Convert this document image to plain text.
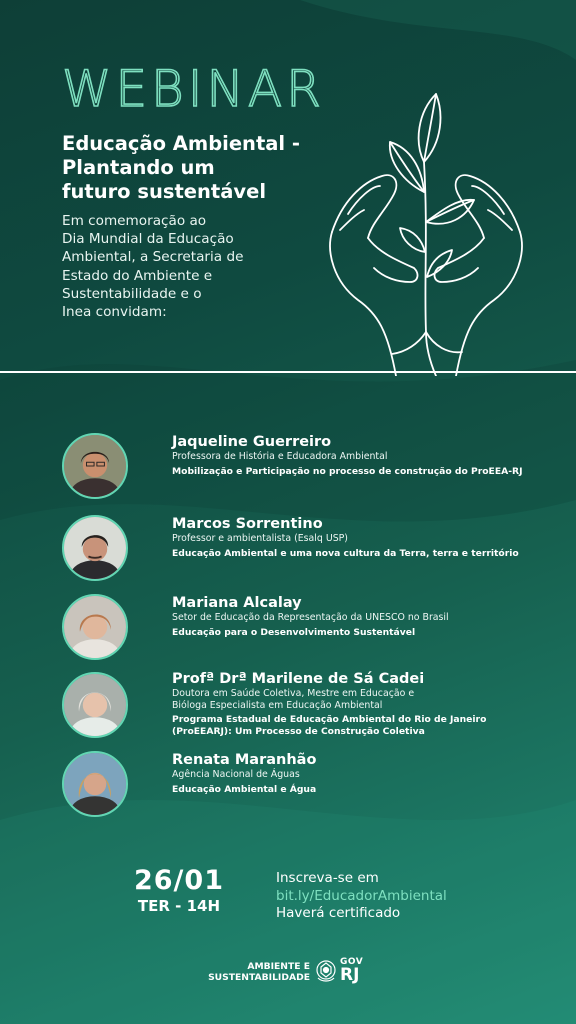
WEBINAR
Educação Ambiental -
Plantando um
futuro sustentável
Em comemoração ao
Dia Mundial da Educação
Ambiental, a Secretaria de
Estado do Ambiente e
Sustentabilidade e o
Inea convidam:
Jaqueline Guerreiro
Professora de História e Educadora Ambiental
Mobilização e Participação no processo de construção do ProEEA-RJ
Marcos Sorrentino
Professor e ambientalista (Esalq USP)
Educação Ambiental e uma nova cultura da Terra, terra e território
Mariana Alcalay
Setor de Educação da Representação da UNESCO no Brasil
Educação para o Desenvolvimento Sustentável
Profª Drª Marilene de Sá Cadei
Doutora em Saúde Coletiva, Mestre em Educação e
Bióloga Especialista em Educação Ambiental
Programa Estadual de Educação Ambiental do Rio de Janeiro
(ProEEARJ): Um Processo de Construção Coletiva
Renata Maranhão
Agência Nacional de Águas
Educação Ambiental e Água
26/01
TER - 14H
Inscreva-se em
bit.ly/EducadorAmbiental
Haverá certificado
AMBIENTE E
SUSTENTABILIDADE
GOV
RJ
